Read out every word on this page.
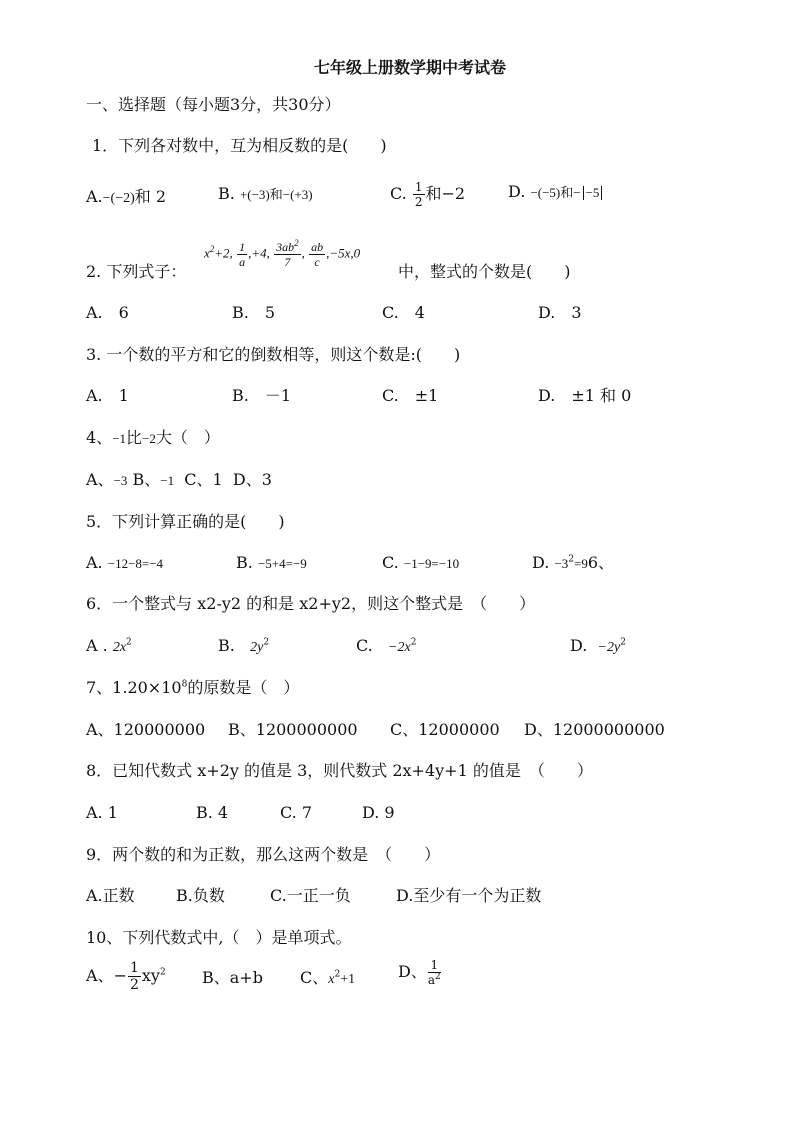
七年级上册数学期中考试卷
一、选择题（每小题3分，共30分）
1．下列各对数中，互为相反数的是(　　)
A.−(−2)和 2	B. +(−3)和−(+3)	C. $\frac{1}{2}$ 和−2	D. −(−5)和− −5
2. 下列式子：
$x^2+2$, $\frac{1}{a} ,+4$, $\frac{3ab^2}{7}$ , $\frac{ab}{c} ,-5x,0$
中，整式的个数是(　　)
A.　6	B.　5	C.　4	D.　3
3. 一个数的平方和它的倒数相等，则这个数是:(　　)
A.　1	B.　－1	C.　±1	D.　±1 和 0
4、−1比−2大（　）
A、−3 B、−1 C、1 D、3
5．下列计算正确的是(　　)
A. −12−8=−4	B. −5+4=−9	C. −1−9=−10	D. $-3^2=96$、
6．一个整式与 x2-y2 的和是 x2+y2，则这个整式是　（　　）
A . $2x^2$	B. $2y^2$	C. $-2x^2$	D. $-2y^2$
7、$1.20\times 10^8$的原数是（　）
A、120000000 B、1200000000 C、12000000 D、12000000000
8．已知代数式 x+2y 的值是 3，则代数式 2x+4y+1 的值是　（　　）
A. 1	B. 4	C. 7	D. 9
9．两个数的和为正数，那么这两个数是　（　　）
A.正数	B.负数	C.一正一负	D.至少有一个为正数
10、下列代数式中,（　）是单项式。
A、− $\frac{1}{2} xy^2$ B、a+b C、$x^2+1$	D、 $\frac{1}{a^2}$
